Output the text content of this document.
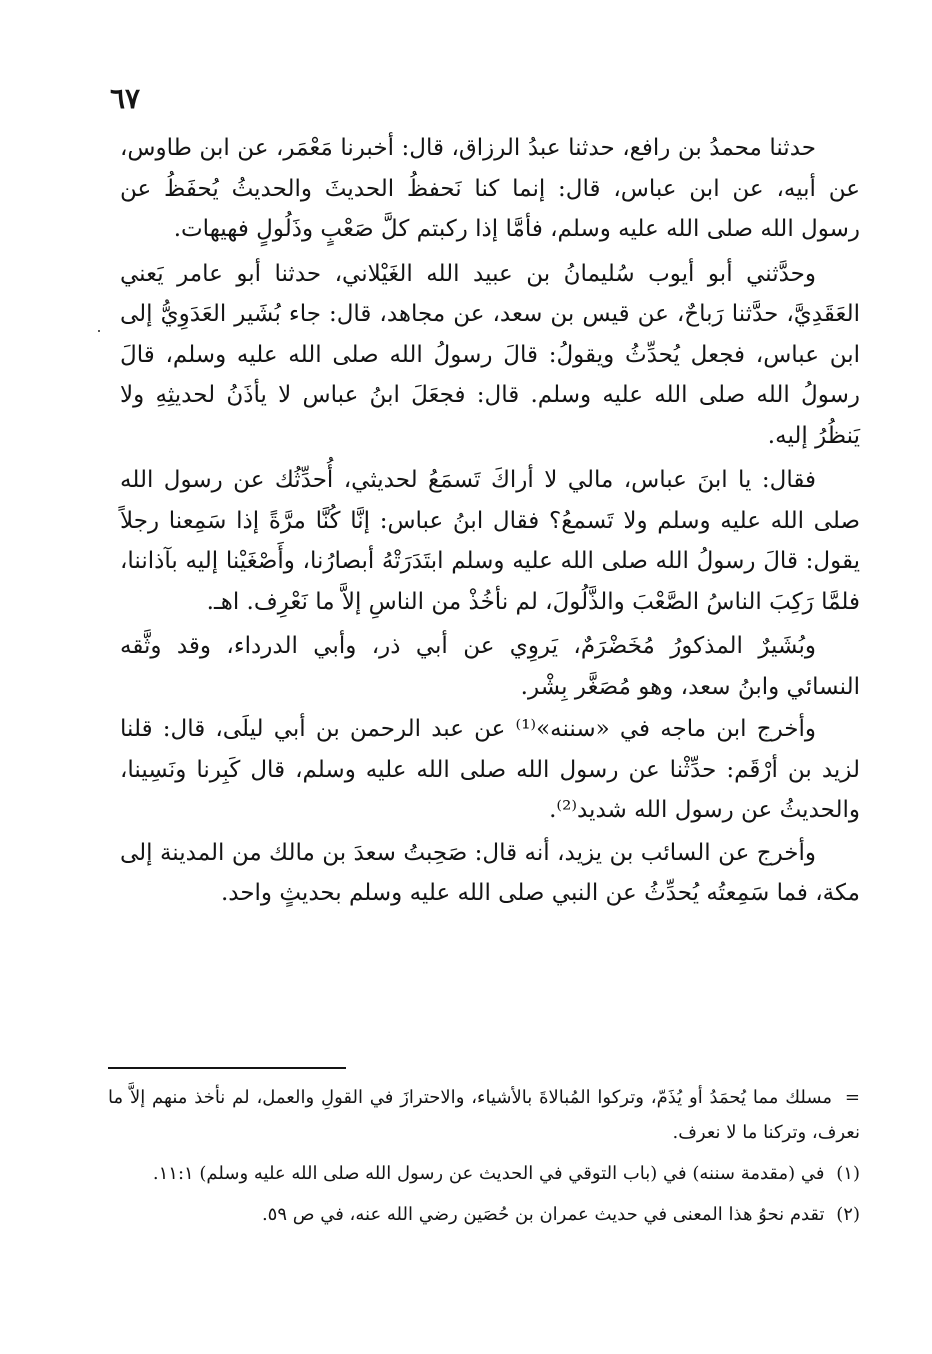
٦٧

حدثنا محمدُ بن رافع، حدثنا عبدُ الرزاق، قال: أخبرنا مَعْمَر، عن ابن طاوس، عن أبيه، عن ابن عباس، قال: إنما كنا نَحفظُ الحديثَ والحديثُ يُحفَظُ عن رسول الله صلى الله عليه وسلم، فأمَّا إذا ركبتم كلَّ صَعْبٍ وذَلُولٍ فهيهات.

وحدَّثني أبو أيوب سُليمانُ بن عبيد الله الغَيْلاني، حدثنا أبو عامر يَعني العَقَدِيَّ، حدَّثنا رَباحٌ، عن قيس بن سعد، عن مجاهد، قال: جاء بُشَير العَدَوِيُّ إلى ابن عباس، فجعل يُحدِّثُ ويقولُ: قالَ رسولُ الله صلى الله عليه وسلم، قالَ رسولُ الله صلى الله عليه وسلم. قال: فجعَلَ ابنُ عباس لا يأذَنُ لحديثِهِ ولا يَنظُرُ إليه.

فقال: يا ابنَ عباس، مالي لا أراكَ تَسمَعُ لحديثي، أُحدِّثُك عن رسول الله صلى الله عليه وسلم ولا تَسمعُ؟ فقال ابنُ عباس: إنَّا كُنَّا مرَّةً إذا سَمِعنا رجلاً يقول: قالَ رسولُ الله صلى الله عليه وسلم ابتَدَرَتْهُ أبصارُنا، وأَصْغَيْنا إليه بآذاننا، فلمَّا رَكِبَ الناسُ الصَّعْبَ والذَّلُولَ، لم نأخُذْ من الناسِ إلاَّ ما نَعْرِف. اهـ.

وبُشَيرٌ المذكورُ مُخَضْرَمٌ، يَروِي عن أبي ذر، وأبي الدرداء، وقد وثَّقه النسائي وابنُ سعد، وهو مُصَغَّر بِشْر.

وأخرج ابن ماجه في «سننه»⁽¹⁾ عن عبد الرحمن بن أبي ليلَى، قال: قلنا لزيد بن أرْقَم: حدِّثْنا عن رسول الله صلى الله عليه وسلم، قال كَبِرنا ونَسِينا، والحديثُ عن رسول الله شديد⁽²⁾.

وأخرج عن السائب بن يزيد، أنه قال: صَحِبتُ سعدَ بن مالك من المدينة إلى مكة، فما سَمِعتُه يُحدِّثُ عن النبي صلى الله عليه وسلم بحديثٍ واحد.

= مسلك مما يُحمَدُ أو يُذَمّ، وتركوا المُبالاةَ بالأشياء، والاحترازَ في القولِ والعمل، لم نأخذ منهم إلاَّ ما نعرف، وتركنا ما لا نعرف.

(١) في (مقدمة سننه) في (باب التوقي في الحديث عن رسول الله صلى الله عليه وسلم) ١١:١.

(٢) تقدم نحوُ هذا المعنى في حديث عمران بن حُصَين رضي الله عنه، في ص ٥٩.
